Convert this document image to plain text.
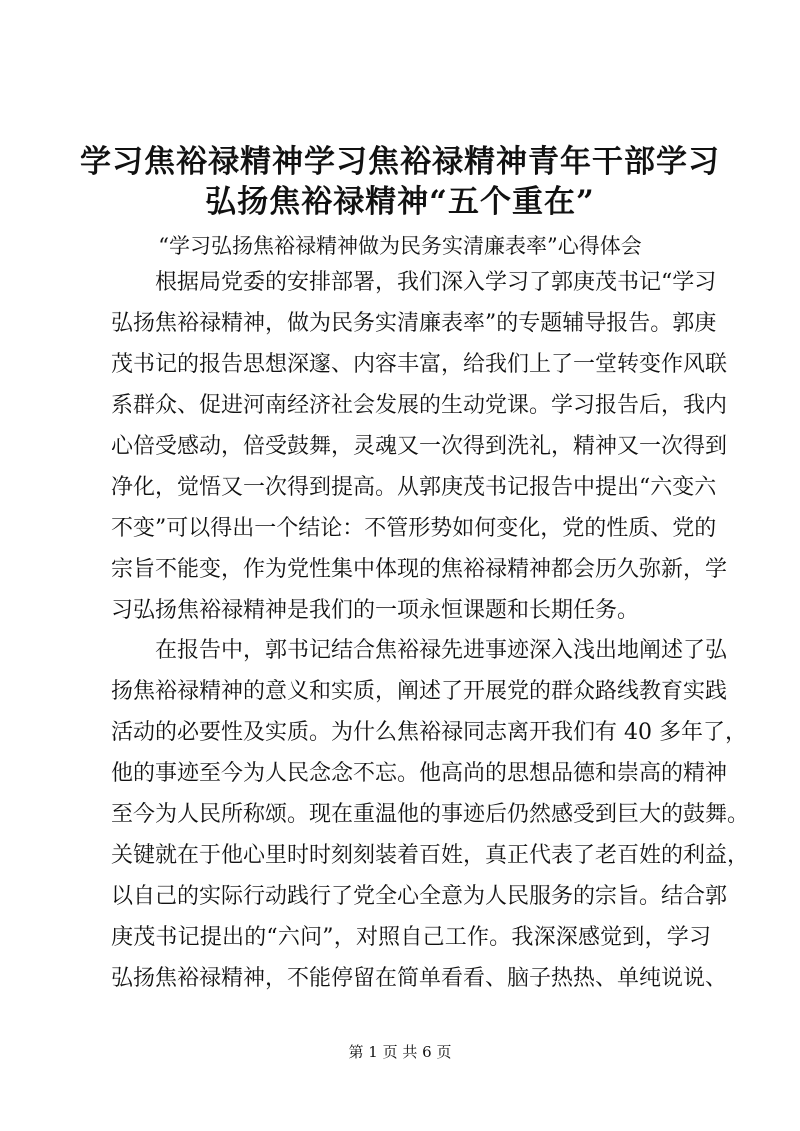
学习焦裕禄精神学习焦裕禄精神青年干部学习
弘扬焦裕禄精神“五个重在”
“学习弘扬焦裕禄精神做为民务实清廉表率”心得体会
根据局党委的安排部署，我们深入学习了郭庚茂书记“学习
弘扬焦裕禄精神，做为民务实清廉表率”的专题辅导报告。郭庚
茂书记的报告思想深邃、内容丰富，给我们上了一堂转变作风联
系群众、促进河南经济社会发展的生动党课。学习报告后，我内
心倍受感动，倍受鼓舞，灵魂又一次得到洗礼，精神又一次得到
净化，觉悟又一次得到提高。从郭庚茂书记报告中提出“六变六
不变”可以得出一个结论：不管形势如何变化，党的性质、党的
宗旨不能变，作为党性集中体现的焦裕禄精神都会历久弥新，学
习弘扬焦裕禄精神是我们的一项永恒课题和长期任务。
在报告中，郭书记结合焦裕禄先进事迹深入浅出地阐述了弘
扬焦裕禄精神的意义和实质，阐述了开展党的群众路线教育实践
活动的必要性及实质。为什么焦裕禄同志离开我们有 40 多年了，
他的事迹至今为人民念念不忘。他高尚的思想品德和崇高的精神
至今为人民所称颂。现在重温他的事迹后仍然感受到巨大的鼓舞。
关键就在于他心里时时刻刻装着百姓，真正代表了老百姓的利益，
以自己的实际行动践行了党全心全意为人民服务的宗旨。结合郭
庚茂书记提出的“六问”，对照自己工作。我深深感觉到，学习
弘扬焦裕禄精神，不能停留在简单看看、脑子热热、单纯说说、
第 1 页 共 6 页
